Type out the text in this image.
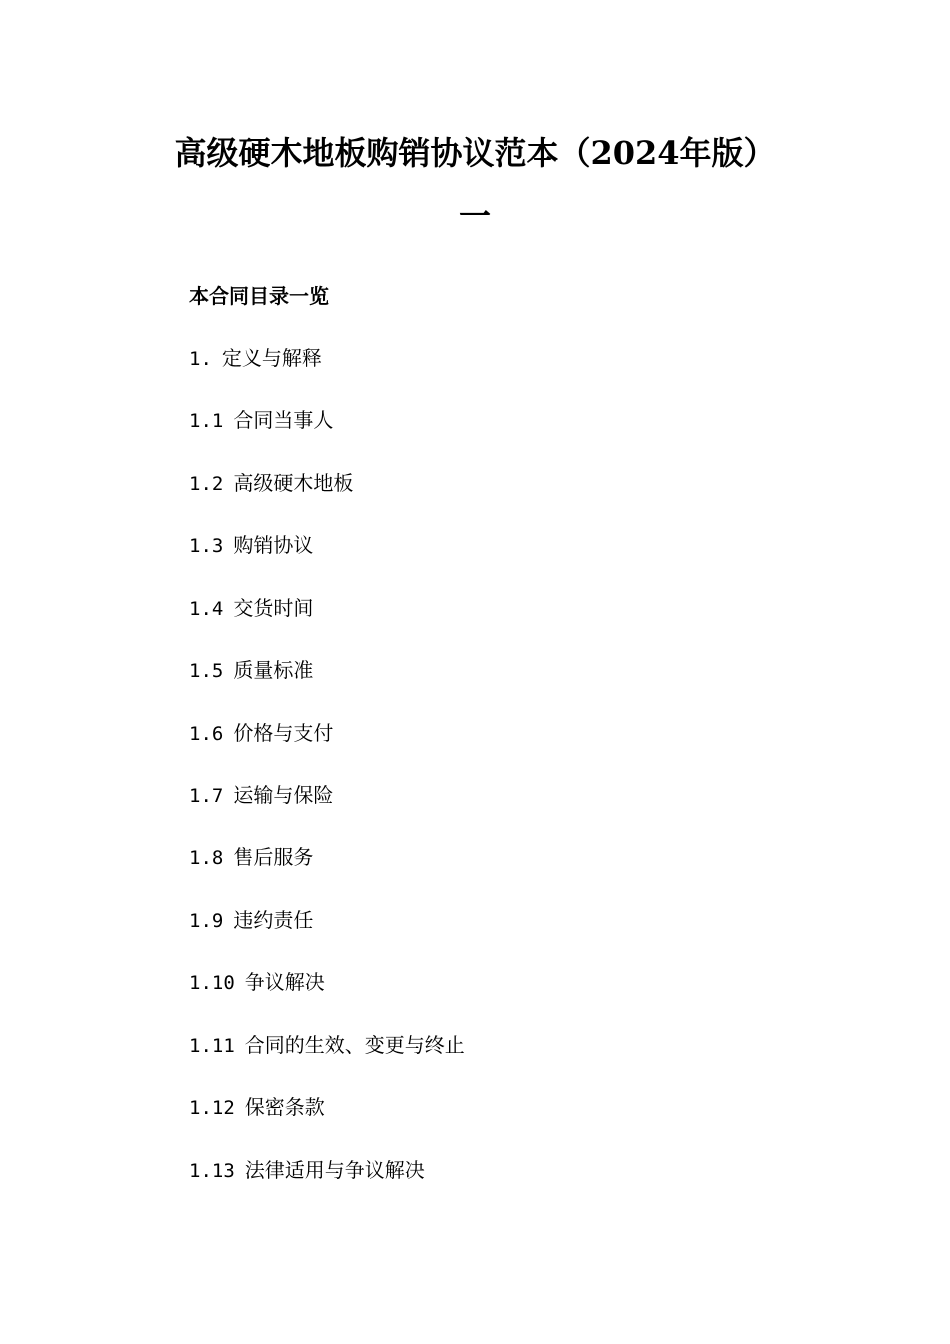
高级硬木地板购销协议范本（2024年版）
一
本合同目录一览
1. 定义与解释
1.1 合同当事人
1.2 高级硬木地板
1.3 购销协议
1.4 交货时间
1.5 质量标准
1.6 价格与支付
1.7 运输与保险
1.8 售后服务
1.9 违约责任
1.10 争议解决
1.11 合同的生效、变更与终止
1.12 保密条款
1.13 法律适用与争议解决
